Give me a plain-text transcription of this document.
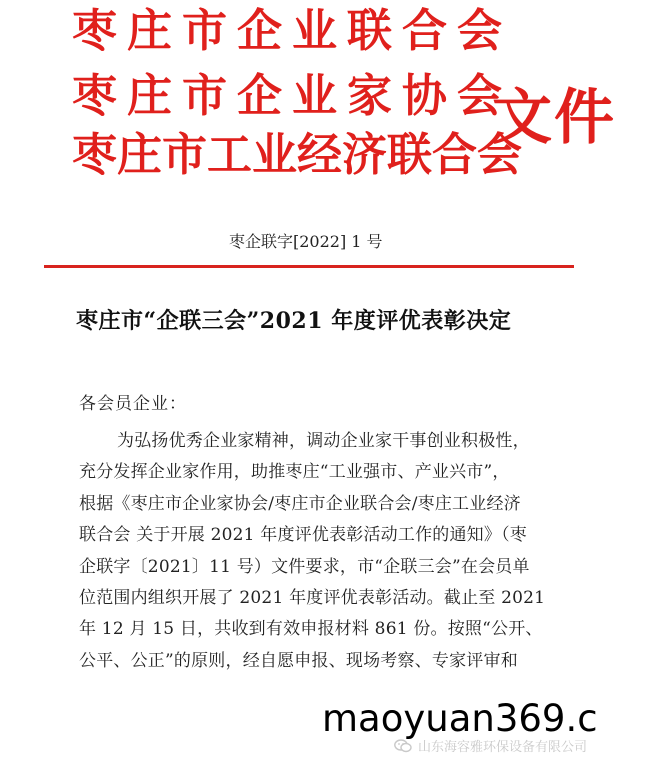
枣庄市企业联合会
枣庄市企业家协会
枣庄市工业经济联合会
文件
枣企联字[2022] 1 号
枣庄市“企联三会”2021 年度评优表彰决定
各会员企业：
为弘扬优秀企业家精神，调动企业家干事创业积极性，
充分发挥企业家作用，助推枣庄“工业强市、产业兴市”，
根据《枣庄市企业家协会/枣庄市企业联合会/枣庄工业经济
联合会 关于开展 2021 年度评优表彰活动工作的通知》（枣
企联字〔2021〕11 号）文件要求，市“企联三会”在会员单
位范围内组织开展了 2021 年度评优表彰活动。截止至 2021
年 12 月 15 日，共收到有效申报材料 861 份。按照“公开、
公平、公正”的原则，经自愿申报、现场考察、专家评审和
maoyuan369.c
山东海容雅环保设备有限公司
